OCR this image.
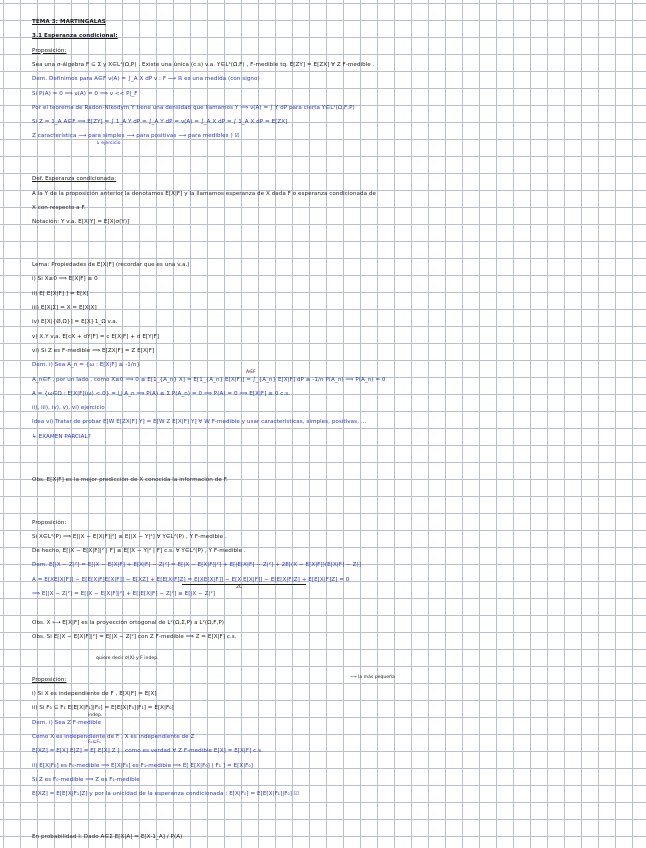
TEMA 3: MARTINGALAS
3.1 Esperanza condicional:
Proposición:
Sea una σ-álgebra F ⊆ Σ y X∈L¹(Ω,P) . Existe una única (c.s) v.a. Y∈L¹(Ω,F) , F-medible tq. E[ZY] = E[ZX] ∀ Z F-medible .
Dem. Definimos para A∈F ν(A) = ∫_A X dP ν : F ⟶ ℝ es una medida (con signo)
Si P(A) = 0 ⟹ ν(A) = 0 ⟹ ν << P|_F
Por el teorema de Radon-Nikodym Y tiene una densidad que llamamos Y ⟹ ν(A) = ∫ Y dP para cierta Y∈L¹(Ω,F,P)
Si Z = 1_A A∈F ⟹ E[ZY] = ∫ 1_A Y dP = ∫_A Y dP = ν(A) = ∫_A X dP = ∫ 1_A X dP = E[ZX]
Z característica ⟶ para simples ⟶ para positivas ⟶ para medibles ) ☑
Def. Esperanza condicionada:
A la Y de la proposición anterior la denotamos E[X|F] y la llamamos esperanza de X dada F o esperanza condicionada de
X con respecto a F.
Notación: Y v.a. E[X|Y] = E[X|σ(Y)]
Lema: Propiedades de E[X|F] (recordar que es una v.a.)
i) Si X≥0 ⟹ E[X|F] ≥ 0
ii) E[ E[X|F] ] = E[X]
iii) E[X|Σ] = X = E[X|X]
iv) E[X|{Ø,Ω}] = E[X]·1_Ω v.a.
v) X,Y v.a. E[cX + dY|F] = c E[X|F] + d E[Y|F]
vi) Si Z es F-medible ⟹ E[ZX|F] = Z E[X|F]
Dem. i) Sea A_n = {ω : E[X|F] ≤ -1/n}
A_n∈F , por un lado , como X≥0 ⟹ 0 ≤ E[1_{A_n} X] = E[1_{A_n} E[X|F]] = ∫_{A_n} E[X|F] dP ≤ -1/n P(A_n) ⟹ P(A_n) = 0
A = {ω∈Ω : E[X|F](ω) < 0} = ⋃ A_n ⟹ P(A) ≤ Σ P(A_n) = 0 ⟹ P(A) = 0 ⟹ E[X|F] ≥ 0 c.s.
ii), iii), iv), v), vi) ejercicio
Idea vi) Tratar de probar E[W E[ZX|F] Y] = E[W Z E[X|F] Y] ∀ W F-medible y usar características, simples, positivas, ...
↳ EXAMEN PARCIAL?
Obs. E[X|F] es la mejor predicción de X conocida la información de F.
Proposición:
Si X∈L²(P) ⟹ E[|X − E[X|F]|²] ≤ E[|X − Y|²] ∀ Y∈L²(P) , Y F-medible .
De hecho, E[|X − E[X|F]|² | F] ≤ E[|X − Y|² | F] c.s. ∀ Y∈L²(P) , Y F-medible .
Dem. E[|X − Z|²] = E[|X − E[X|F] + E[X|F] − Z|²] = E[|X − E[X|F]|²] + E[|E[X|F] − Z|²] + 2E[(X − E[X|F])(E[X|F] − Z)]
A = E[XE[X|F]] − E[E[X|F]E[X|F]] − E[XZ] + E[E[X|F]Z] = E[XE[X|F]] − E[X E[X|F]] − E[E[X|F]Z] + E[E[X|F]Z] = 0
⟹ E[|X − Z|²] = E[|X − E[X|F]|²] + E[|E[X|F] − Z|²] ≥ E[|X − Z|²]
Obs. X ⟼ E[X|F] es la proyección ortogonal de L²(Ω,Σ,P) a L²(Ω,F,P)
Obs. Si E[|X − E[X|F]|²] = E[|X − Z|²] con Z F-medible ⟹ Z = E[X|F] c.s.
Proposición:
i) Si X es independiente de F , E[X|F] = E[X]
ii) Si F₀ ⊆ F₁ E[E[X|F₁]|F₀] = E[E[X|F₀]|F₁] = E[X|F₀]
Dem. i) Sea Z F-medible
Como X es independiente de F , X es independiente de Z
E[XZ] = E[X] E[Z] = E[ E[X] Z ] , como es verdad ∀ Z F-medible E[X] = E[X|F] c.s.
ii) E[X|F₀] es F₀-medible ⟹ E[X|F₀] es F₁-medible ⟹ E[ E[X|F₀] | F₁ ] = E[X|F₀]
Si Z es F₀-medible ⟹ Z es F₁-medible
E[XZ] = E[E[X|F₁]Z] y por la unicidad de la esperanza condicionada : E[X|F₀] = E[E[X|F₁]|F₀] ☑
En probabilidad I: Dado A∈Σ E[X|A] = E[X·1_A] / P(A)
A∈F
↳ ejercicio
quiere decir σ(X) y F indep.
⟶ la más pequeña
2C
indep.
F₀⊆F₁
